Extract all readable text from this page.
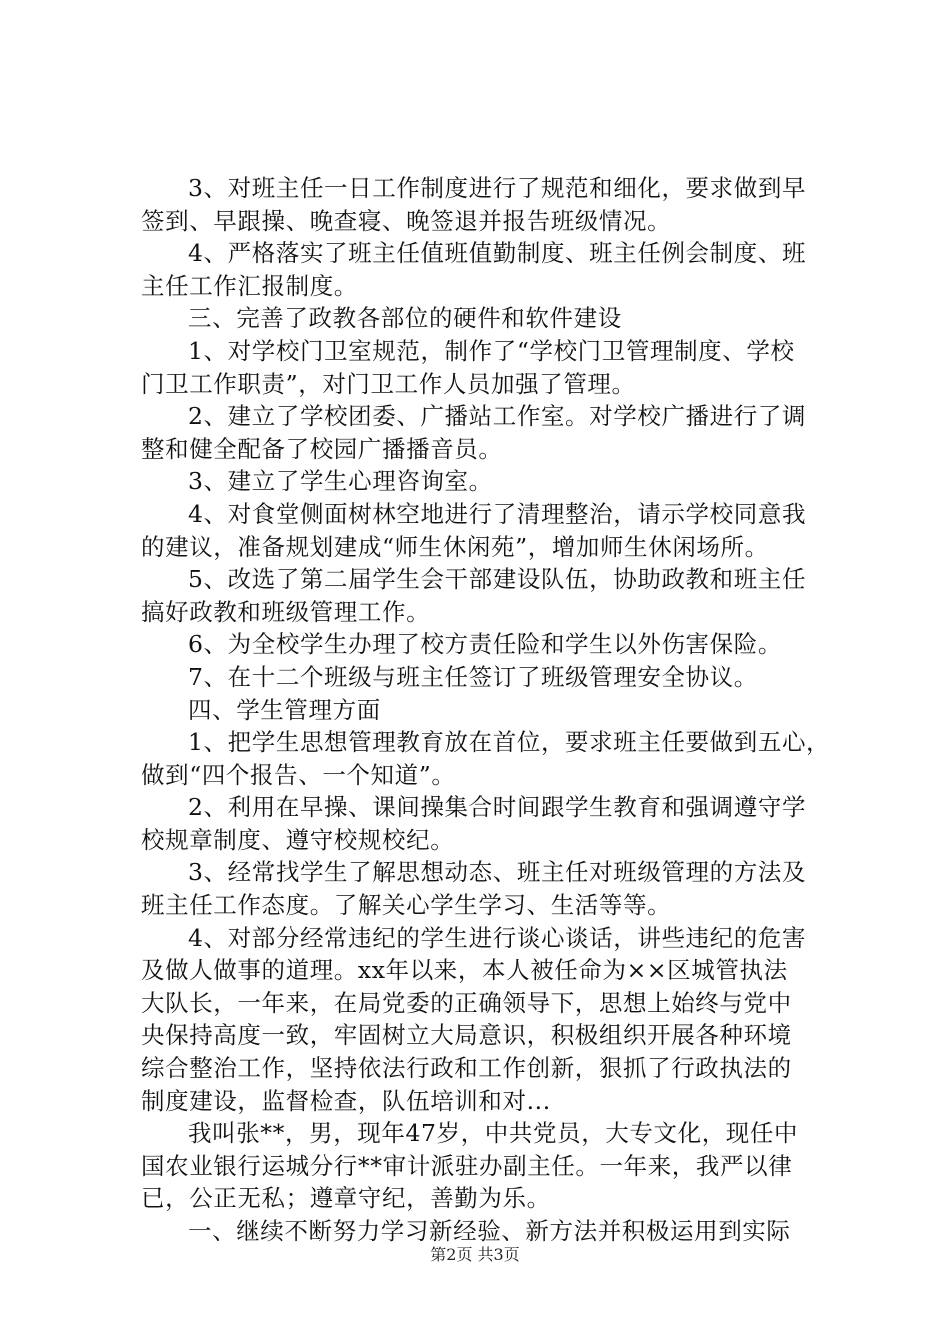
3、对班主任一日工作制度进行了规范和细化，要求做到早
签到、早跟操、晚查寝、晚签退并报告班级情况。
4、严格落实了班主任值班值勤制度、班主任例会制度、班
主任工作汇报制度。
三、完善了政教各部位的硬件和软件建设
1、对学校门卫室规范，制作了“学校门卫管理制度、学校
门卫工作职责”，对门卫工作人员加强了管理。
2、建立了学校团委、广播站工作室。对学校广播进行了调
整和健全配备了校园广播播音员。
3、建立了学生心理咨询室。
4、对食堂侧面树林空地进行了清理整治，请示学校同意我
的建议，准备规划建成“师生休闲苑”，增加师生休闲场所。
5、改选了第二届学生会干部建设队伍，协助政教和班主任
搞好政教和班级管理工作。
6、为全校学生办理了校方责任险和学生以外伤害保险。
7、在十二个班级与班主任签订了班级管理安全协议。
四、学生管理方面
1、把学生思想管理教育放在首位，要求班主任要做到五心，
做到“四个报告、一个知道”。
2、利用在早操、课间操集合时间跟学生教育和强调遵守学
校规章制度、遵守校规校纪。
3、经常找学生了解思想动态、班主任对班级管理的方法及
班主任工作态度。了解关心学生学习、生活等等。
4、对部分经常违纪的学生进行谈心谈话，讲些违纪的危害
及做人做事的道理。xx年以来，本人被任命为××区城管执法
大队长，一年来，在局党委的正确领导下，思想上始终与党中
央保持高度一致，牢固树立大局意识，积极组织开展各种环境
综合整治工作，坚持依法行政和工作创新，狠抓了行政执法的
制度建设，监督检查，队伍培训和对...
我叫张**，男，现年47岁，中共党员，大专文化，现任中
国农业银行运城分行**审计派驻办副主任。一年来，我严以律
已，公正无私；遵章守纪，善勤为乐。
一、继续不断努力学习新经验、新方法并积极运用到实际
第2页 共3页
